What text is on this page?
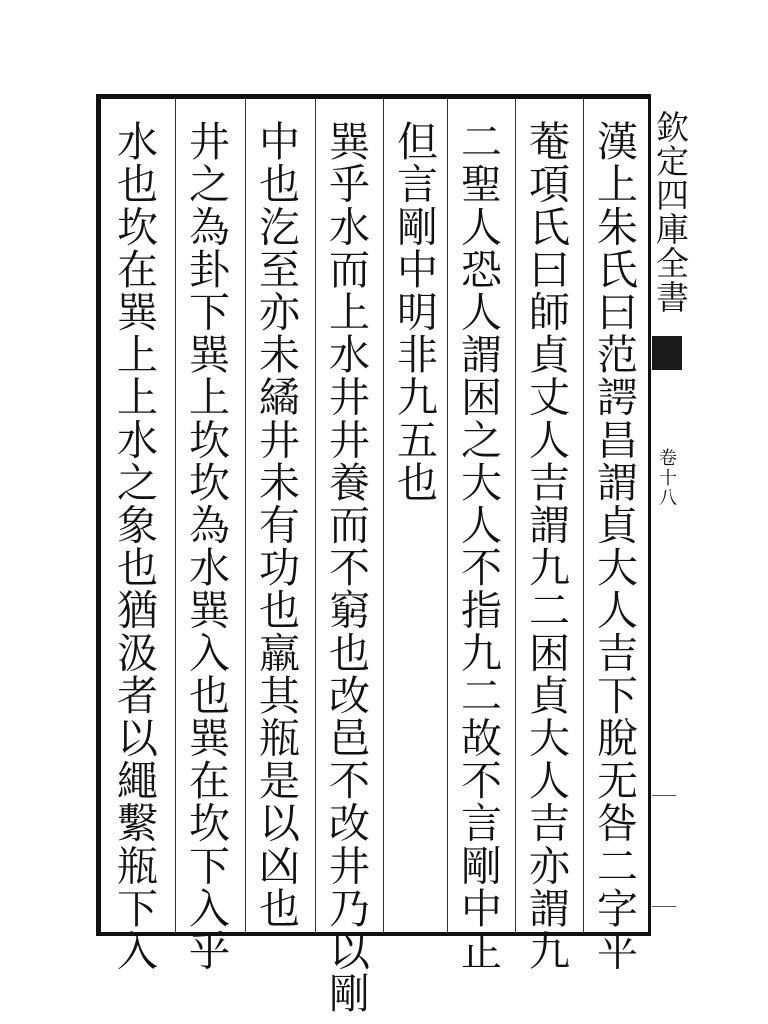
漢上朱氏曰范諤昌謂貞大人吉下脫无咎二字平
菴項氏曰師貞丈人吉謂九二困貞大人吉亦謂九
二聖人恐人謂困之大人不指九二故不言剛中正
但言剛中明非九五也
巽乎水而上水井井養而不窮也改邑不改井乃以剛
中也汔至亦未繘井未有功也羸其瓶是以凶也
井之為卦下巽上坎坎為水巽入也巽在坎下入乎
水也坎在巽上上水之象也猶汲者以繩繫瓶下入	欽定四庫全書
卷十八
